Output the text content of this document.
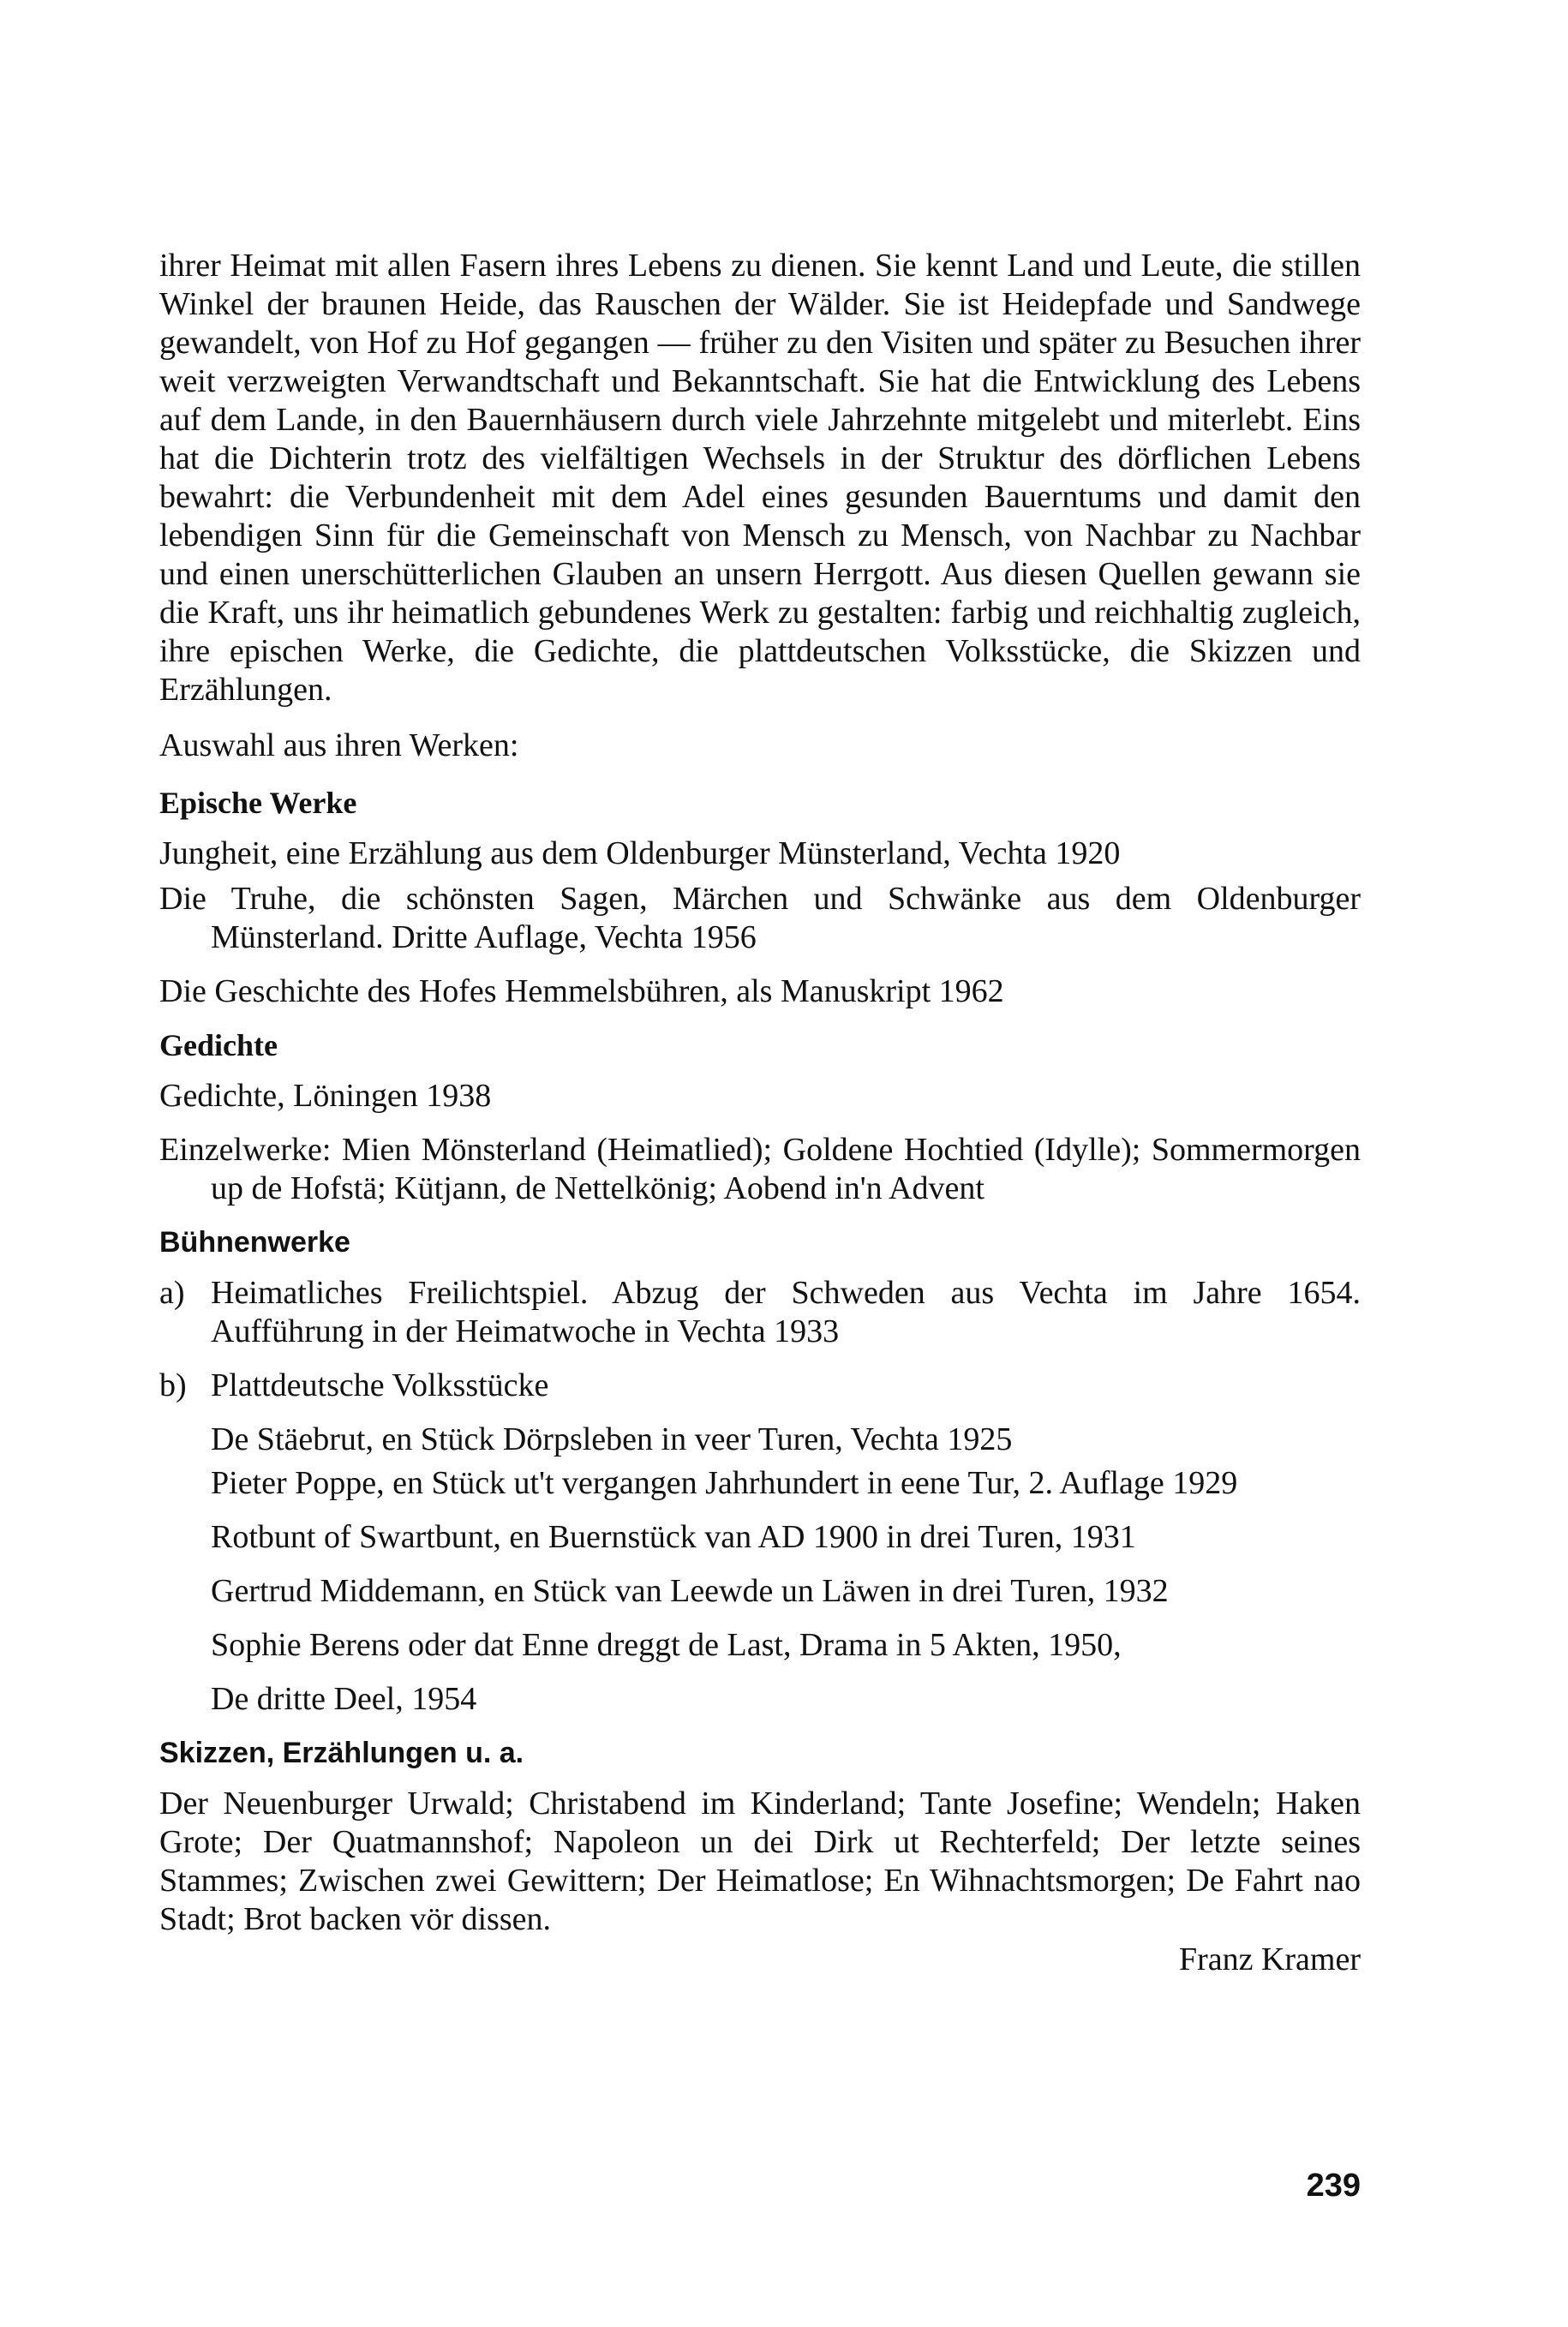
ihrer Heimat mit allen Fasern ihres Lebens zu dienen. Sie kennt Land und Leute, die stillen Winkel der braunen Heide, das Rauschen der Wälder. Sie ist Heidepfade und Sandwege gewandelt, von Hof zu Hof gegangen — früher zu den Visiten und später zu Besuchen ihrer weit verzweigten Verwandtschaft und Bekanntschaft. Sie hat die Entwicklung des Lebens auf dem Lande, in den Bauernhäusern durch viele Jahrzehnte mitgelebt und miterlebt. Eins hat die Dichterin trotz des vielfältigen Wechsels in der Struktur des dörflichen Lebens bewahrt: die Verbundenheit mit dem Adel eines gesunden Bauerntums und damit den lebendigen Sinn für die Gemeinschaft von Mensch zu Mensch, von Nachbar zu Nachbar und einen unerschütterlichen Glauben an unsern Herrgott. Aus diesen Quellen gewann sie die Kraft, uns ihr heimatlich gebundenes Werk zu gestalten: farbig und reichhaltig zugleich, ihre epischen Werke, die Gedichte, die plattdeutschen Volksstücke, die Skizzen und Erzählungen.

Auswahl aus ihren Werken:

Epische Werke

Jungheit, eine Erzählung aus dem Oldenburger Münsterland, Vechta 1920

Die Truhe, die schönsten Sagen, Märchen und Schwänke aus dem Oldenburger Münsterland. Dritte Auflage, Vechta 1956

Die Geschichte des Hofes Hemmelsbühren, als Manuskript 1962

Gedichte

Gedichte, Löningen 1938

Einzelwerke: Mien Mönsterland (Heimatlied); Goldene Hochtied (Idylle); Sommermorgen up de Hofstä; Kütjann, de Nettelkönig; Aobend in'n Advent

Bühnenwerke
a) Heimatliches Freilichtspiel. Abzug der Schweden aus Vechta im Jahre 1654. Aufführung in der Heimatwoche in Vechta 1933
b) Plattdeutsche Volksstücke

De Stäebrut, en Stück Dörpsleben in veer Turen, Vechta 1925

Pieter Poppe, en Stück ut't vergangen Jahrhundert in eene Tur, 2. Auflage 1929

Rotbunt of Swartbunt, en Buernstück van AD 1900 in drei Turen, 1931

Gertrud Middemann, en Stück van Leewde un Läwen in drei Turen, 1932

Sophie Berens oder dat Enne dreggt de Last, Drama in 5 Akten, 1950,

De dritte Deel, 1954

Skizzen, Erzählungen u. a.

Der Neuenburger Urwald; Christabend im Kinderland; Tante Josefine; Wendeln; Haken Grote; Der Quatmannshof; Napoleon un dei Dirk ut Rechterfeld; Der letzte seines Stammes; Zwischen zwei Gewittern; Der Heimatlose; En Wihnachtsmorgen; De Fahrt nao Stadt; Brot backen vör dissen.

Franz Kramer
239
